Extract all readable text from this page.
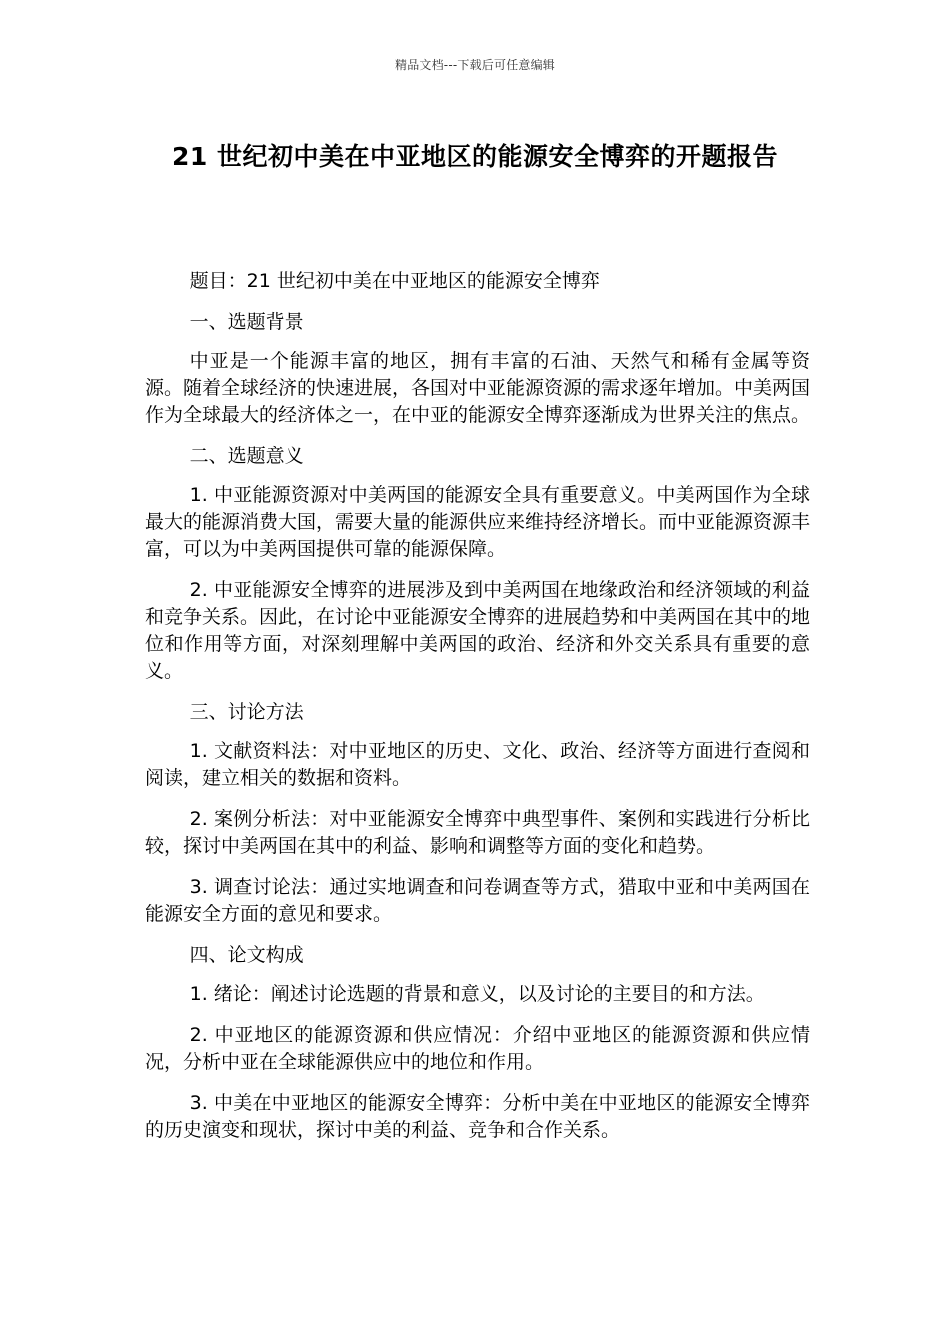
精品文档---下载后可任意编辑
21 世纪初中美在中亚地区的能源安全博弈的开题报告

题目：21 世纪初中美在中亚地区的能源安全博弈

一、选题背景

中亚是一个能源丰富的地区，拥有丰富的石油、天然气和稀有金属等资源。随着全球经济的快速进展，各国对中亚能源资源的需求逐年增加。中美两国作为全球最大的经济体之一，在中亚的能源安全博弈逐渐成为世界关注的焦点。

二、选题意义

1. 中亚能源资源对中美两国的能源安全具有重要意义。中美两国作为全球最大的能源消费大国，需要大量的能源供应来维持经济增长。而中亚能源资源丰富，可以为中美两国提供可靠的能源保障。

2. 中亚能源安全博弈的进展涉及到中美两国在地缘政治和经济领域的利益和竞争关系。因此，在讨论中亚能源安全博弈的进展趋势和中美两国在其中的地位和作用等方面，对深刻理解中美两国的政治、经济和外交关系具有重要的意义。

三、讨论方法

1. 文献资料法：对中亚地区的历史、文化、政治、经济等方面进行查阅和阅读，建立相关的数据和资料。

2. 案例分析法：对中亚能源安全博弈中典型事件、案例和实践进行分析比较，探讨中美两国在其中的利益、影响和调整等方面的变化和趋势。

3. 调查讨论法：通过实地调查和问卷调查等方式，猎取中亚和中美两国在能源安全方面的意见和要求。

四、论文构成

1. 绪论：阐述讨论选题的背景和意义，以及讨论的主要目的和方法。

2. 中亚地区的能源资源和供应情况：介绍中亚地区的能源资源和供应情况，分析中亚在全球能源供应中的地位和作用。

3. 中美在中亚地区的能源安全博弈：分析中美在中亚地区的能源安全博弈的历史演变和现状，探讨中美的利益、竞争和合作关系。
